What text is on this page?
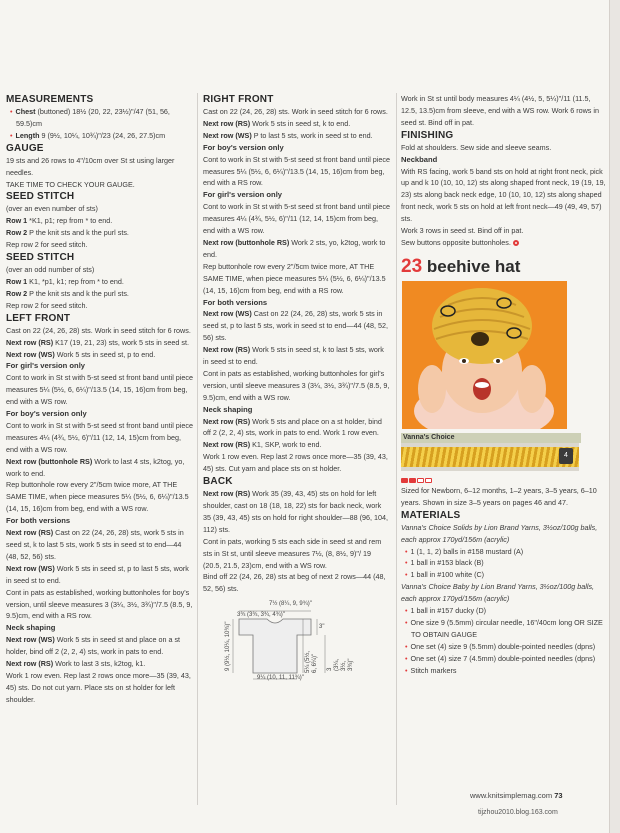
MEASUREMENTS

• Chest (buttoned) 18½ (20, 22, 23½)"/47 (51, 56, 59.5)cm

• Length 9 (9½, 10¼, 10¾)"/23 (24, 26, 27.5)cm

GAUGE

19 sts and 26 rows to 4"/10cm over St st using larger needles.

TAKE TIME TO CHECK YOUR GAUGE.

SEED STITCH

(over an even number of sts)

Row 1 *K1, p1; rep from * to end.

Row 2 P the knit sts and k the purl sts.

Rep row 2 for seed stitch.

SEED STITCH

(over an odd number of sts)

Row 1 K1, *p1, k1; rep from * to end.

Row 2 P the knit sts and k the purl sts.

Rep row 2 for seed stitch.

LEFT FRONT

Cast on 22 (24, 26, 28) sts. Work in seed stitch for 6 rows.

Next row (RS) K17 (19, 21, 23) sts, work 5 sts in seed st.

Next row (WS) Work 5 sts in seed st, p to end.

For girl's version only

Cont to work in St st with 5-st seed st front band until piece measures 5¼ (5½, 6, 6¼)"/13.5 (14, 15, 16)cm from beg, end with a WS row.

For boy's version only

Cont to work in St st with 5-st seed st front band until piece measures 4¼ (4¾, 5½, 6)"/11 (12, 14, 15)cm from beg, end with a WS row.

Next row (buttonhole RS) Work to last 4 sts, k2tog, yo, work to end.

Rep buttonhole row every 2"/5cm twice more, AT THE SAME TIME, when piece measures 5¼ (5½, 6, 6¼)"/13.5 (14, 15, 16)cm from beg, end with a WS row.

For both versions

Next row (RS) Cast on 22 (24, 26, 28) sts, work 5 sts in seed st, k to last 5 sts, work 5 sts in seed st to end—44 (48, 52, 56) sts.

Next row (WS) Work 5 sts in seed st, p to last 5 sts, work in seed st to end.

Cont in pats as established, working buttonholes for boy's version, until sleeve measures 3 (3¼, 3½, 3¾)"/7.5 (8.5, 9, 9.5)cm, end with a RS row.

Neck shaping

Next row (WS) Work 5 sts in seed st and place on a st holder, bind off 2 (2, 2, 4) sts, work in pats to end.

Next row (RS) Work to last 3 sts, k2tog, k1.

Work 1 row even. Rep last 2 rows once more—35 (39, 43, 45) sts. Do not cut yarn. Place sts on st holder for left shoulder.

RIGHT FRONT

Cast on 22 (24, 26, 28) sts. Work in seed stitch for 6 rows.

Next row (RS) Work 5 sts in seed st, k to end.

Next row (WS) P to last 5 sts, work in seed st to end.

For boy's version only

Cont to work in St st with 5-st seed st front band until piece measures 5¼ (5½, 6, 6¼)"/13.5 (14, 15, 16)cm from beg, end with a RS row.

For girl's version only

Cont to work in St st with 5-st seed st front band until piece measures 4¼ (4¾, 5½, 6)"/11 (12, 14, 15)cm from beg, end with a WS row.

Next row (buttonhole RS) Work 2 sts, yo, k2tog, work to end.

Rep buttonhole row every 2"/5cm twice more, AT THE SAME TIME, when piece measures 5¼ (5½, 6, 6¼)"/13.5 (14, 15, 16)cm from beg, end with a RS row.

For both versions

Next row (WS) Cast on 22 (24, 26, 28) sts, work 5 sts in seed st, p to last 5 sts, work in seed st to end—44 (48, 52, 56) sts.

Next row (RS) Work 5 sts in seed st, k to last 5 sts, work in seed st to end.

Cont in pats as established, working buttonholes for girl's version, until sleeve measures 3 (3¼, 3½, 3¾)"/7.5 (8.5, 9, 9.5)cm, end with a WS row.

Neck shaping

Next row (RS) Work 5 sts and place on a st holder, bind off 2 (2, 2, 4) sts, work in pats to end. Work 1 row even.

Next row (RS) K1, SKP, work to end.

Work 1 row even. Rep last 2 rows once more—35 (39, 43, 45) sts. Cut yarn and place sts on st holder.

BACK

Next row (RS) Work 35 (39, 43, 45) sts on hold for left shoulder, cast on 18 (18, 18, 22) sts for back neck, work 35 (39, 43, 45) sts on hold for right shoulder—88 (96, 104, 112) sts.

Cont in pats, working 5 sts each side in seed st and rem sts in St st, until sleeve measures 7½, (8, 8½, 9)"/ 19 (20.5, 21.5, 23)cm, end with a WS row.

Bind off 22 (24, 26, 28) sts at beg of next 2 rows—44 (48, 52, 56) sts.

7½ (8¼, 9, 9¾)"
3¾ (3¾, 3¾, 4¾)"
3"
9 (9½, 10¼, 10¾)"	5¼ (5½, 6, 6¼)" 3 (3¼, 3½, 3¾)"
9¼ (10, 11, 11¾)"

Work in St st until body measures 4¼ (4½, 5, 5¼)"/11 (11.5, 12.5, 13.5)cm from sleeve, end with a WS row. Work 6 rows in seed st. Bind off in pat.

FINISHING

Fold at shoulders. Sew side and sleeve seams.

Neckband

With RS facing, work 5 band sts on hold at right front neck, pick up and k 10 (10, 10, 12) sts along shaped front neck, 19 (19, 19, 23) sts along back neck edge, 10 (10, 10, 12) sts along shaped front neck, work 5 sts on hold at left front neck—49 (49, 49, 57) sts.

Work 3 rows in seed st. Bind off in pat.

Sew buttons opposite buttonholes.

23 beehive hat
Vanna's Choice
4

Sized for Newborn, 6–12 months, 1–2 years, 3–5 years, 6–10 years. Shown in size 3–5 years on pages 46 and 47.

MATERIALS

Vanna's Choice Solids by Lion Brand Yarns, 3½oz/100g balls, each approx 170yd/156m (acrylic)

• 1 (1, 1, 2) balls in #158 mustard (A)

• 1 ball in #153 black (B)

• 1 ball in #100 white (C)

Vanna's Choice Baby by Lion Brand Yarns, 3½oz/100g balls, each approx 170yd/156m (acrylic)

• 1 ball in #157 ducky (D)

• One size 9 (5.5mm) circular needle, 16"/40cm long OR SIZE TO OBTAIN GAUGE

• One set (4) size 9 (5.5mm) double-pointed needles (dpns)

• One set (4) size 7 (4.5mm) double-pointed needles (dpns)

• Stitch markers

www.knitsimplemag.com 73
tijzhou2010.blog.163.com
